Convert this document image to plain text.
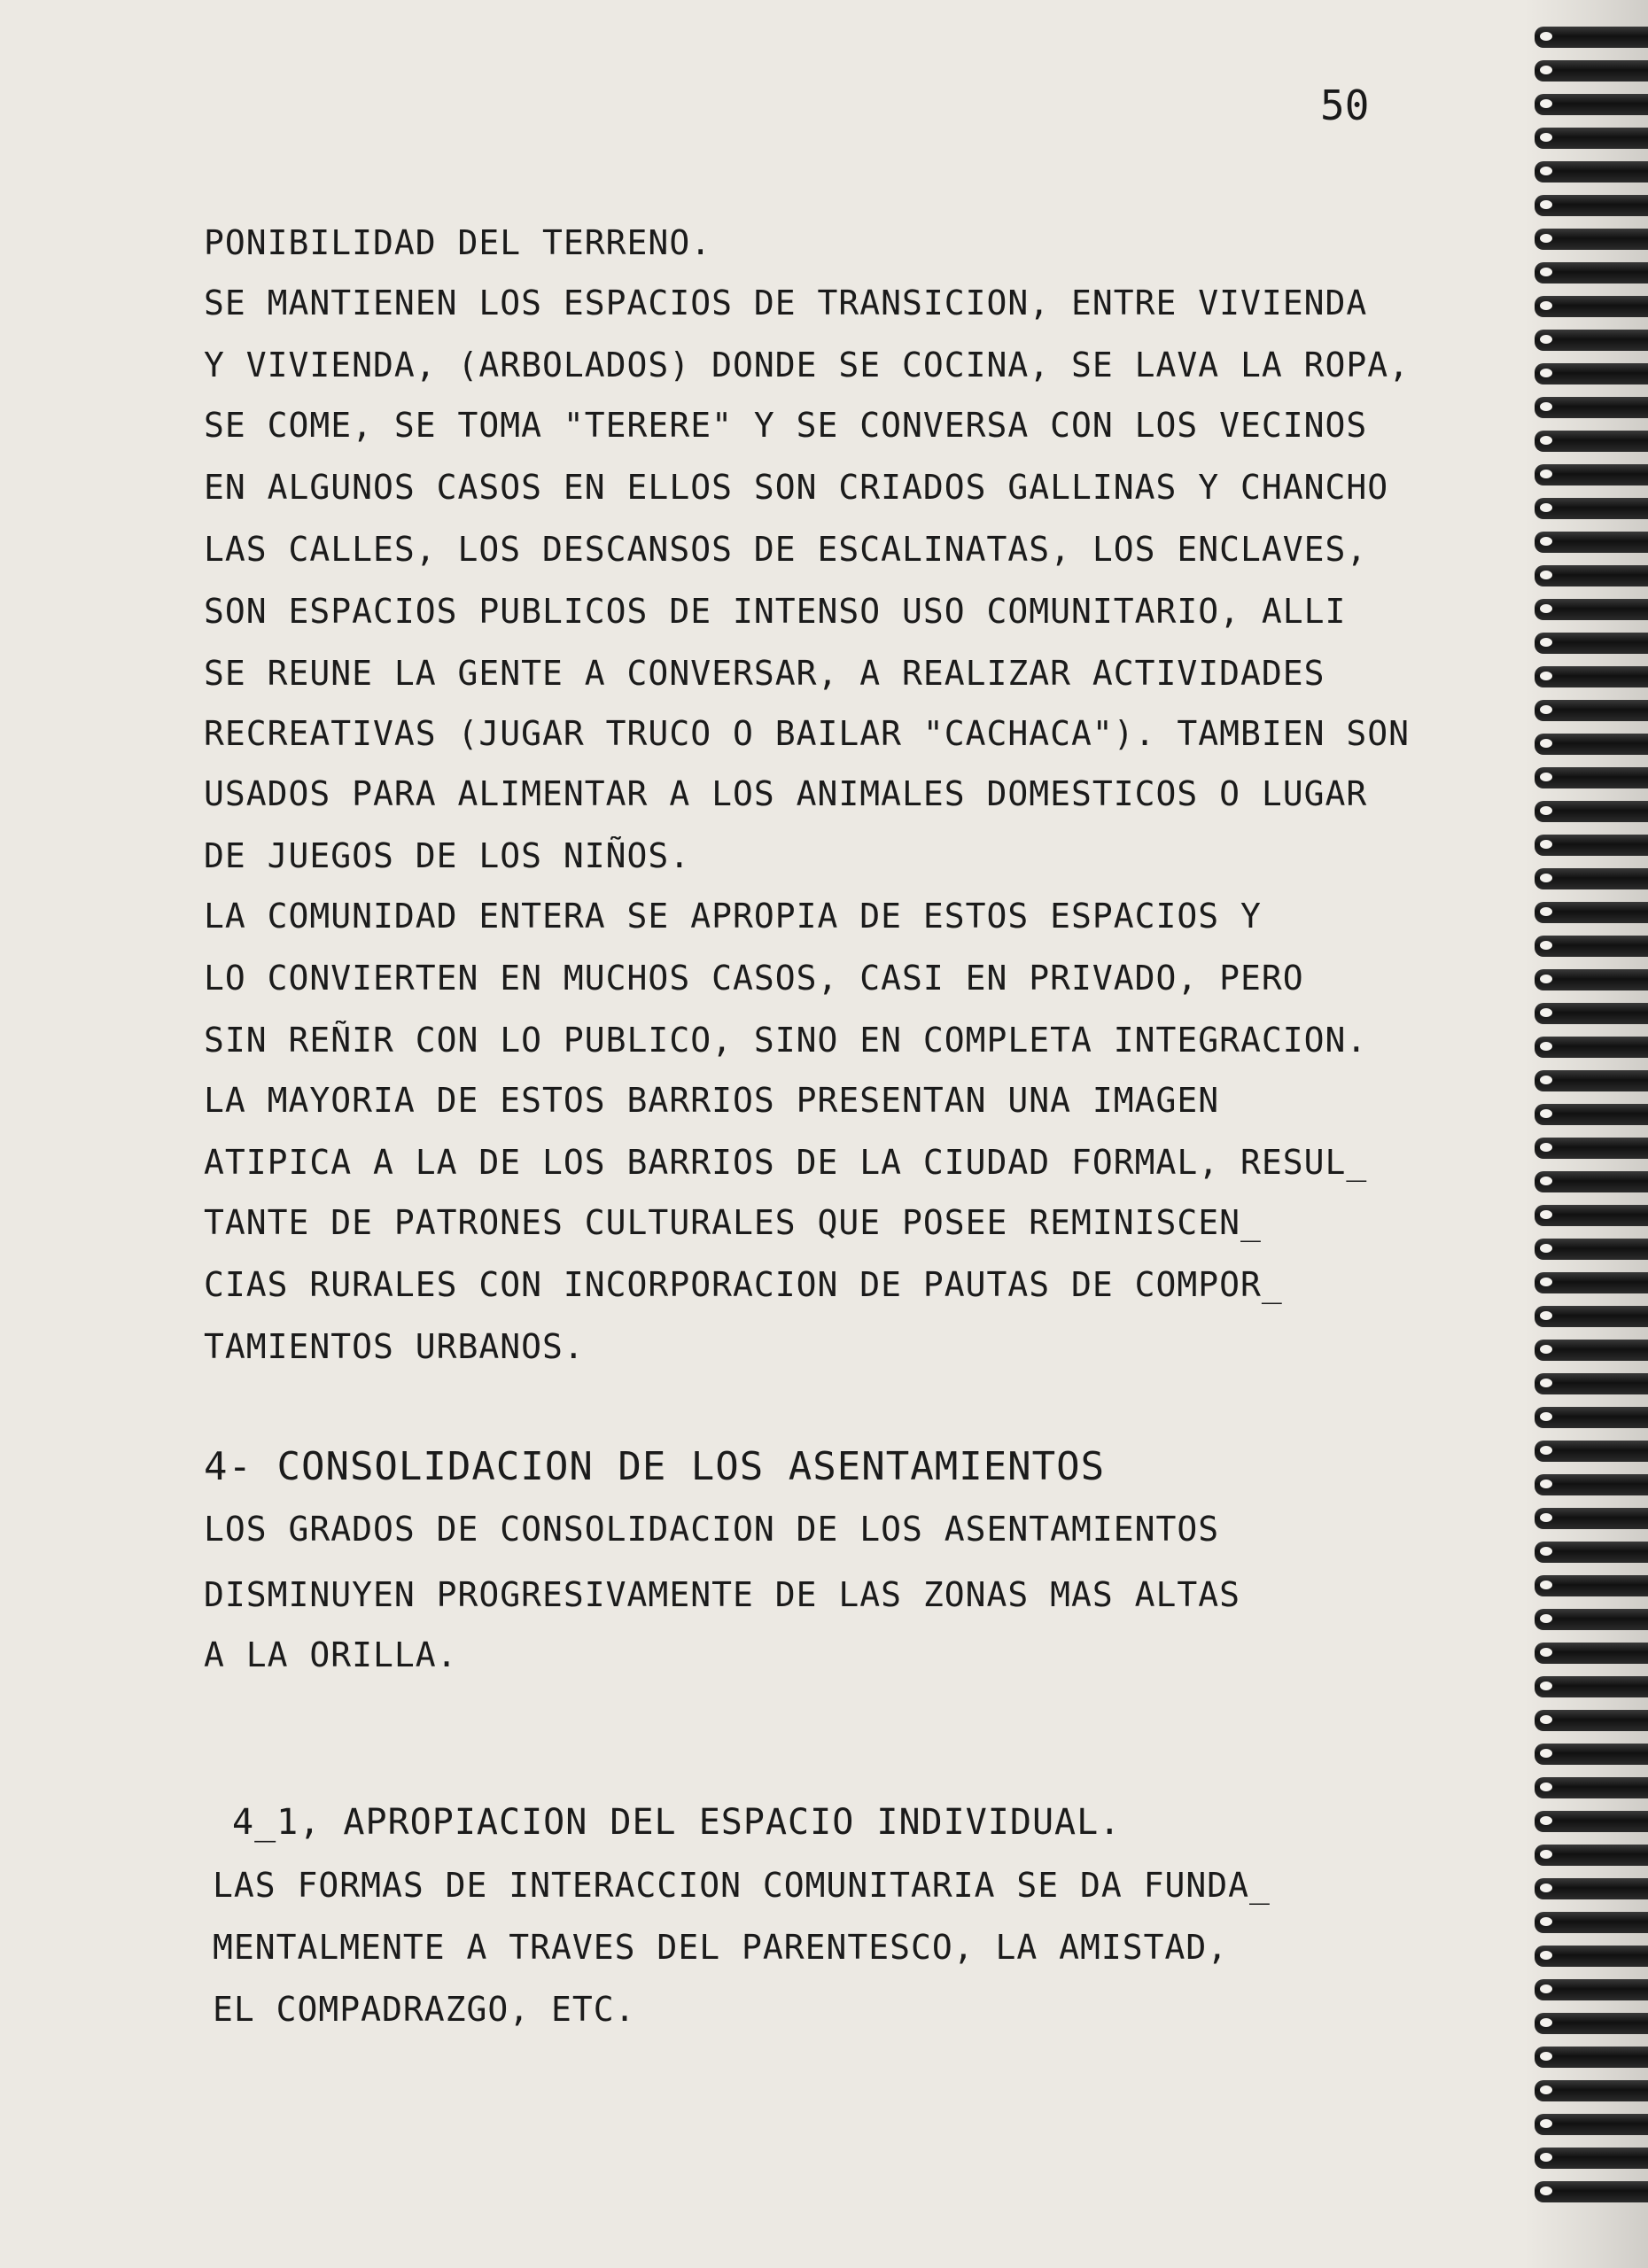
50
PONIBILIDAD DEL TERRENO.
SE MANTIENEN LOS ESPACIOS DE TRANSICION, ENTRE VIVIENDA
Y VIVIENDA, (ARBOLADOS) DONDE SE COCINA, SE LAVA LA ROPA,
SE COME, SE TOMA "TERERE" Y SE CONVERSA CON LOS VECINOS
EN ALGUNOS CASOS EN ELLOS SON CRIADOS GALLINAS Y CHANCHO
LAS CALLES, LOS DESCANSOS DE ESCALINATAS, LOS ENCLAVES,
SON ESPACIOS PUBLICOS DE INTENSO USO COMUNITARIO, ALLI
SE REUNE LA GENTE A CONVERSAR, A REALIZAR ACTIVIDADES
RECREATIVAS (JUGAR TRUCO O BAILAR "CACHACA"). TAMBIEN SON
USADOS PARA ALIMENTAR A LOS ANIMALES DOMESTICOS O LUGAR
DE JUEGOS DE LOS NIÑOS.
LA COMUNIDAD ENTERA SE APROPIA DE ESTOS ESPACIOS Y
LO CONVIERTEN EN MUCHOS CASOS, CASI EN PRIVADO, PERO
SIN REÑIR CON LO PUBLICO, SINO EN COMPLETA INTEGRACION.
LA MAYORIA DE ESTOS BARRIOS PRESENTAN UNA IMAGEN
ATIPICA A LA DE LOS BARRIOS DE LA CIUDAD FORMAL, RESUL_
TANTE DE PATRONES CULTURALES QUE POSEE REMINISCEN_
CIAS RURALES CON INCORPORACION DE PAUTAS DE COMPOR_
TAMIENTOS URBANOS.
4- CONSOLIDACION DE LOS ASENTAMIENTOS
LOS GRADOS DE CONSOLIDACION DE LOS ASENTAMIENTOS
DISMINUYEN PROGRESIVAMENTE DE LAS ZONAS MAS ALTAS
A LA ORILLA.
4_1, APROPIACION DEL ESPACIO INDIVIDUAL.
LAS FORMAS DE INTERACCION COMUNITARIA SE DA FUNDA_
MENTALMENTE A TRAVES DEL PARENTESCO, LA AMISTAD,
EL COMPADRAZGO, ETC.
